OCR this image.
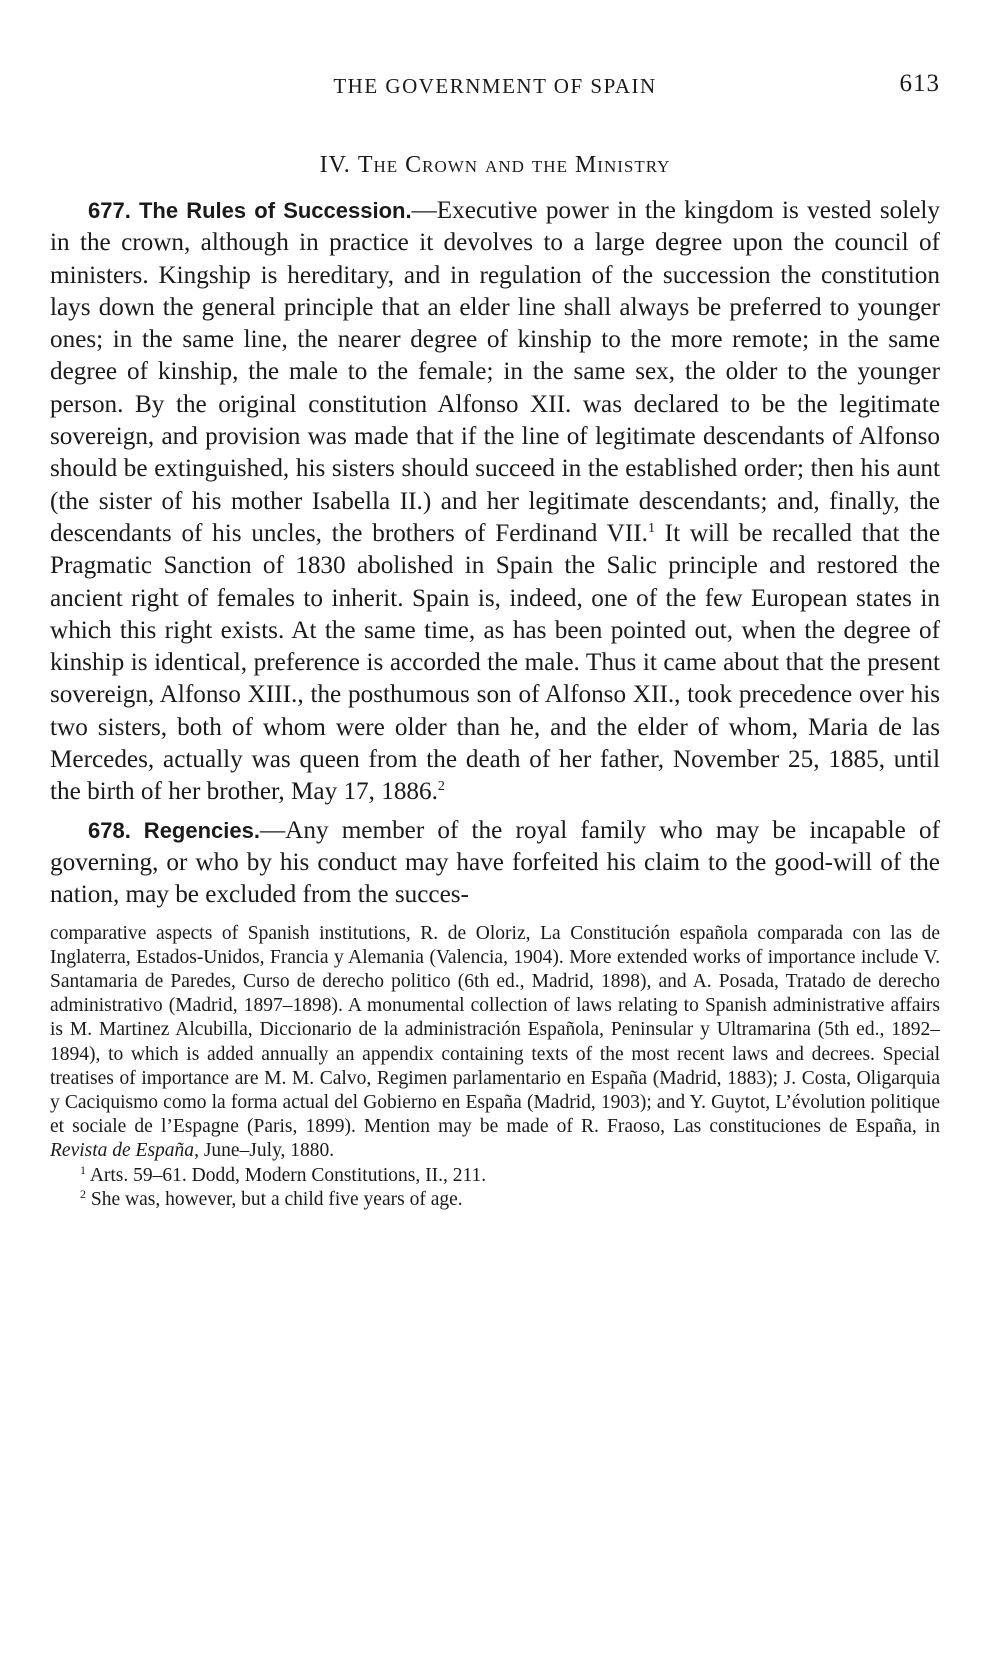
THE GOVERNMENT OF SPAIN	613
IV. The Crown and the Ministry

677. The Rules of Succession.—Executive power in the kingdom is vested solely in the crown, although in practice it devolves to a large degree upon the council of ministers. Kingship is hereditary, and in regulation of the succession the constitution lays down the general principle that an elder line shall always be preferred to younger ones; in the same line, the nearer degree of kinship to the more remote; in the same degree of kinship, the male to the female; in the same sex, the older to the younger person. By the original constitution Alfonso XII. was declared to be the legitimate sovereign, and provision was made that if the line of legitimate descendants of Alfonso should be extinguished, his sisters should succeed in the established order; then his aunt (the sister of his mother Isabella II.) and her legitimate descendants; and, finally, the descendants of his uncles, the brothers of Ferdinand VII.$^1$ It will be recalled that the Pragmatic Sanction of 1830 abolished in Spain the Salic principle and restored the ancient right of females to inherit. Spain is, indeed, one of the few European states in which this right exists. At the same time, as has been pointed out, when the degree of kinship is identical, preference is accorded the male. Thus it came about that the present sovereign, Alfonso XIII., the posthumous son of Alfonso XII., took precedence over his two sisters, both of whom were older than he, and the elder of whom, Maria de las Mercedes, actually was queen from the death of her father, November 25, 1885, until the birth of her brother, May 17, 1886.$^2$

678. Regencies.—Any member of the royal family who may be incapable of governing, or who by his conduct may have forfeited his claim to the good-will of the nation, may be excluded from the succes-

comparative aspects of Spanish institutions, R. de Oloriz, La Constitución española comparada con las de Inglaterra, Estados-Unidos, Francia y Alemania (Valencia, 1904). More extended works of importance include V. Santamaria de Paredes, Curso de derecho politico (6th ed., Madrid, 1898), and A. Posada, Tratado de derecho administrativo (Madrid, 1897–1898). A monumental collection of laws relating to Spanish administrative affairs is M. Martinez Alcubilla, Diccionario de la administración Española, Peninsular y Ultramarina (5th ed., 1892–1894), to which is added annually an appendix containing texts of the most recent laws and decrees. Special treatises of importance are M. M. Calvo, Regimen parlamentario en España (Madrid, 1883); J. Costa, Oligarquia y Caciquismo como la forma actual del Gobierno en España (Madrid, 1903); and Y. Guytot, L’évolution politique et sociale de l’Espagne (Paris, 1899). Mention may be made of R. Fraoso, Las constituciones de España, in Revista de España, June–July, 1880.

$^1$ Arts. 59–61. Dodd, Modern Constitutions, II., 211.

$^2$ She was, however, but a child five years of age.
